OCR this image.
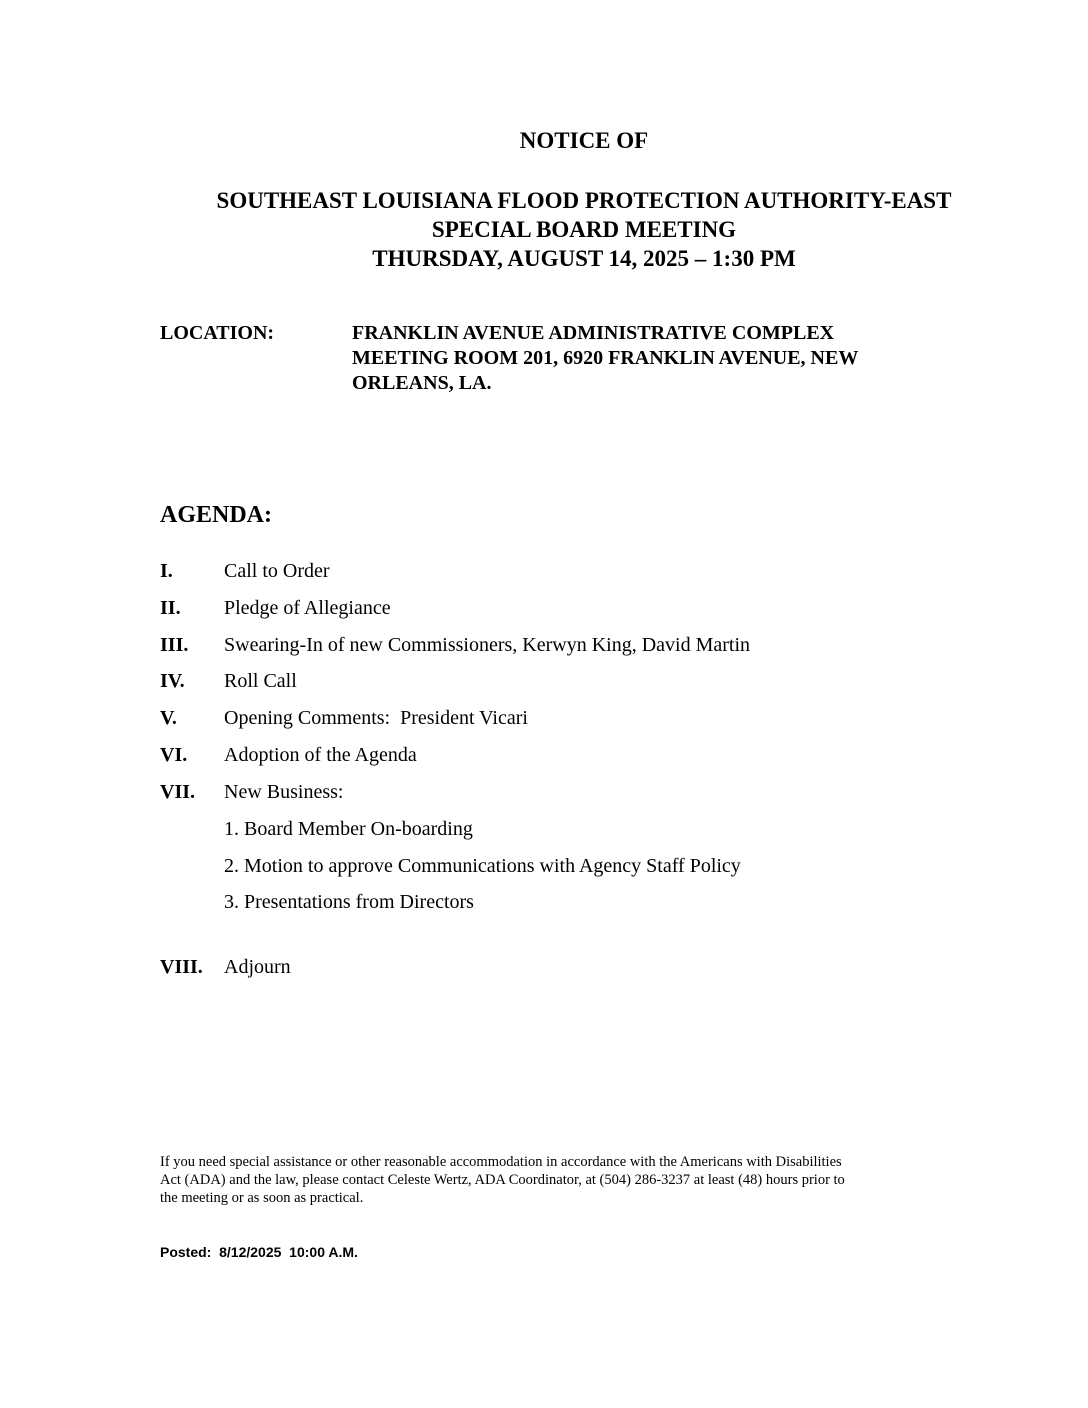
NOTICE OF
SOUTHEAST LOUISIANA FLOOD PROTECTION AUTHORITY-EAST
SPECIAL BOARD MEETING
THURSDAY, AUGUST 14, 2025 – 1:30 PM
LOCATION:	FRANKLIN AVENUE ADMINISTRATIVE COMPLEX
MEETING ROOM 201, 6920 FRANKLIN AVENUE, NEW
ORLEANS, LA.
AGENDA:
I.	Call to Order
II. Pledge of Allegiance
III. Swearing-In of new Commissioners, Kerwyn King, David Martin
IV. Roll Call
V. Opening Comments:  President Vicari
VI. Adoption of the Agenda
VII. New Business:
1. Board Member On-boarding
2. Motion to approve Communications with Agency Staff Policy
3. Presentations from Directors
VIII. Adjourn
If you need special assistance or other reasonable accommodation in accordance with the Americans with Disabilities
Act (ADA) and the law, please contact Celeste Wertz, ADA Coordinator, at (504) 286-3237 at least (48) hours prior to
the meeting or as soon as practical.
Posted:  8/12/2025  10:00 A.M.
